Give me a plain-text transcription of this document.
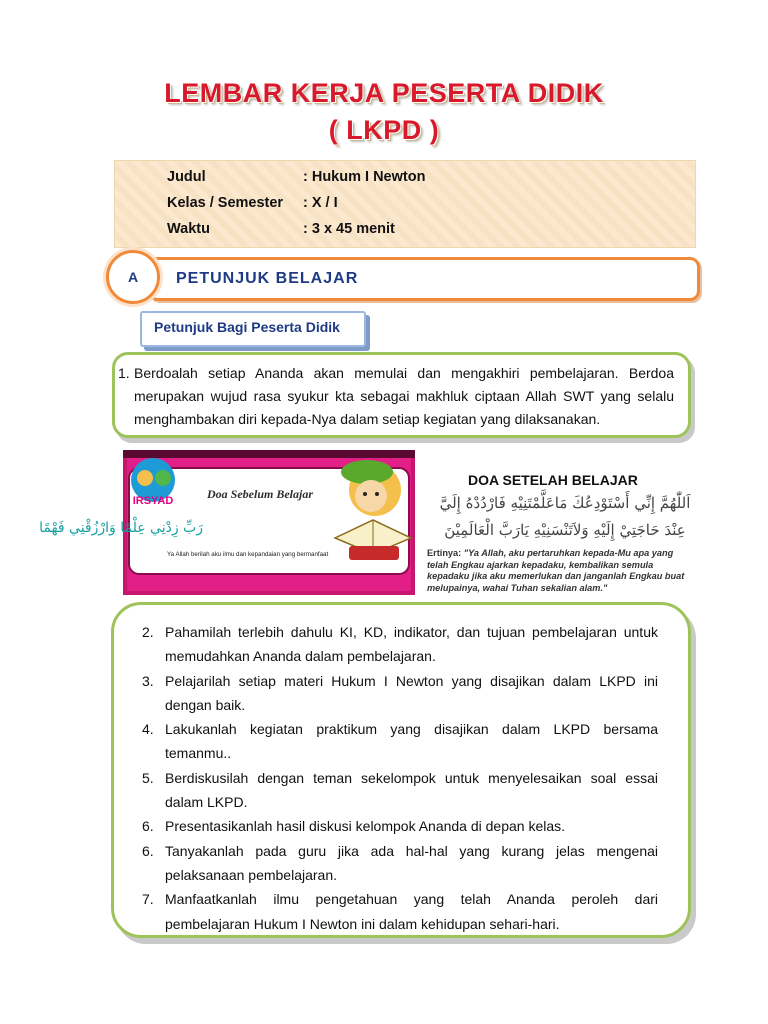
LEMBAR KERJA PESERTA DIDIK
( LKPD )
Judul	: Hukum I Newton
Kelas / Semester : X / I
Waktu	: 3 x 45 menit
A	PETUNJUK BELAJAR
Petunjuk Bagi Peserta Didik
1. Berdoalah setiap Ananda akan memulai dan mengakhiri pembelajaran. Berdoa merupakan wujud rasa syukur kta sebagai makhluk ciptaan Allah SWT yang selalu menghambakan diri kepada-Nya dalam setiap kegiatan yang dilaksanakan.
IRSYAD	Doa Sebelum Belajar
رَبِّ زِدْنِي عِلْمًا وَارْزُقْنِي فَهْمًا
Ya Allah berilah aku ilmu dan kepandaian yang bermanfaat
DOA SETELAH BELAJAR
اَللّٰهُمَّ إِنِّي أَسْتَوْدِعُكَ مَاعَلَّمْتَنِيْهِ فَارْدُدْهُ إِلَيَّ
عِنْدَ حَاجَتِيْ إِلَيْهِ وَلاَتَنْسَنِيْهِ يَارَبَّ الْعَالَمِيْنَ
Ertinya: "Ya Allah, aku pertaruhkan kepada-Mu apa yang telah Engkau ajarkan kepadaku, kembalikan semula kepadaku jika aku memerlukan dan janganlah Engkau buat melupainya, wahai Tuhan sekalian alam."
2. Pahamilah terlebih dahulu KI, KD, indikator, dan tujuan pembelajaran untuk memudahkan Ananda dalam pembelajaran.
3. Pelajarilah setiap materi Hukum I Newton yang disajikan dalam LKPD ini dengan baik.
4. Lakukanlah kegiatan praktikum yang disajikan dalam LKPD bersama temanmu..
5. Berdiskusilah dengan teman sekelompok untuk menyelesaikan soal essai dalam LKPD.
6. Presentasikanlah hasil diskusi kelompok Ananda di depan kelas.
6. Tanyakanlah pada guru jika ada hal-hal yang kurang jelas mengenai pelaksanaan pembelajaran.
7. Manfaatkanlah ilmu pengetahuan yang telah Ananda peroleh dari pembelajaran Hukum I Newton ini dalam kehidupan sehari-hari.
